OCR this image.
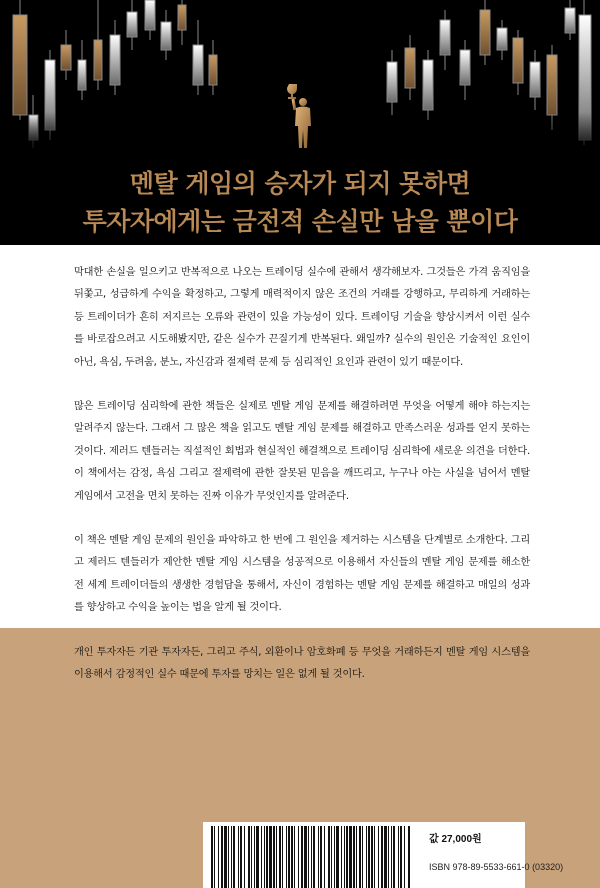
멘탈 게임의 승자가 되지 못하면
투자자에게는 금전적 손실만 남을 뿐이다

막대한 손실을 일으키고 반복적으로 나오는 트레이딩 실수에 관해서 생각해보자. 그것들은 가격 움직임을 뒤쫓고, 성급하게 수익을 확정하고, 그렇게 매력적이지 않은 조건의 거래를 강행하고, 무리하게 거래하는 등 트레이더가 흔히 저지르는 오류와 관련이 있을 가능성이 있다. 트레이딩 기술을 향상시켜서 이런 실수를 바로잡으려고 시도해봤지만, 같은 실수가 끈질기게 반복된다. 왜일까? 실수의 원인은 기술적인 요인이 아닌, 욕심, 두려움, 분노, 자신감과 절제력 문제 등 심리적인 요인과 관련이 있기 때문이다.

많은 트레이딩 심리학에 관한 책들은 실제로 멘탈 게임 문제를 해결하려면 무엇을 어떻게 해야 하는지는 알려주지 않는다. 그래서 그 많은 책을 읽고도 멘탈 게임 문제를 해결하고 만족스러운 성과를 얻지 못하는 것이다. 제러드 텐들러는 직설적인 회법과 현실적인 해결책으로 트레이딩 심리학에 새로운 의견을 더한다. 이 책에서는 감정, 욕심 그리고 절제력에 관한 잘못된 믿음을 깨뜨리고, 누구나 아는 사실을 넘어서 멘탈 게임에서 고전을 면치 못하는 진짜 이유가 무엇인지를 알려준다.

이 책은 멘탈 게임 문제의 원인을 파악하고 한 번에 그 원인을 제거하는 시스템을 단계별로 소개한다. 그리고 제러드 텐들러가 제안한 멘탈 게임 시스템을 성공적으로 이용해서 자신들의 멘탈 게임 문제를 해소한 전 세계 트레이더들의 생생한 경험담을 통해서, 자신이 경험하는 멘탈 게임 문제를 해결하고 매일의 성과를 향상하고 수익을 높이는 법을 알게 될 것이다.

개인 투자자든 기관 투자자든, 그리고 주식, 외환이나 암호화폐 등 무엇을 거래하든지 멘탈 게임 시스템을 이용해서 감정적인 실수 때문에 투자를 망치는 일은 없게 될 것이다.

값 27,000원
ISBN 978-89-5533-661-0 (03320)
